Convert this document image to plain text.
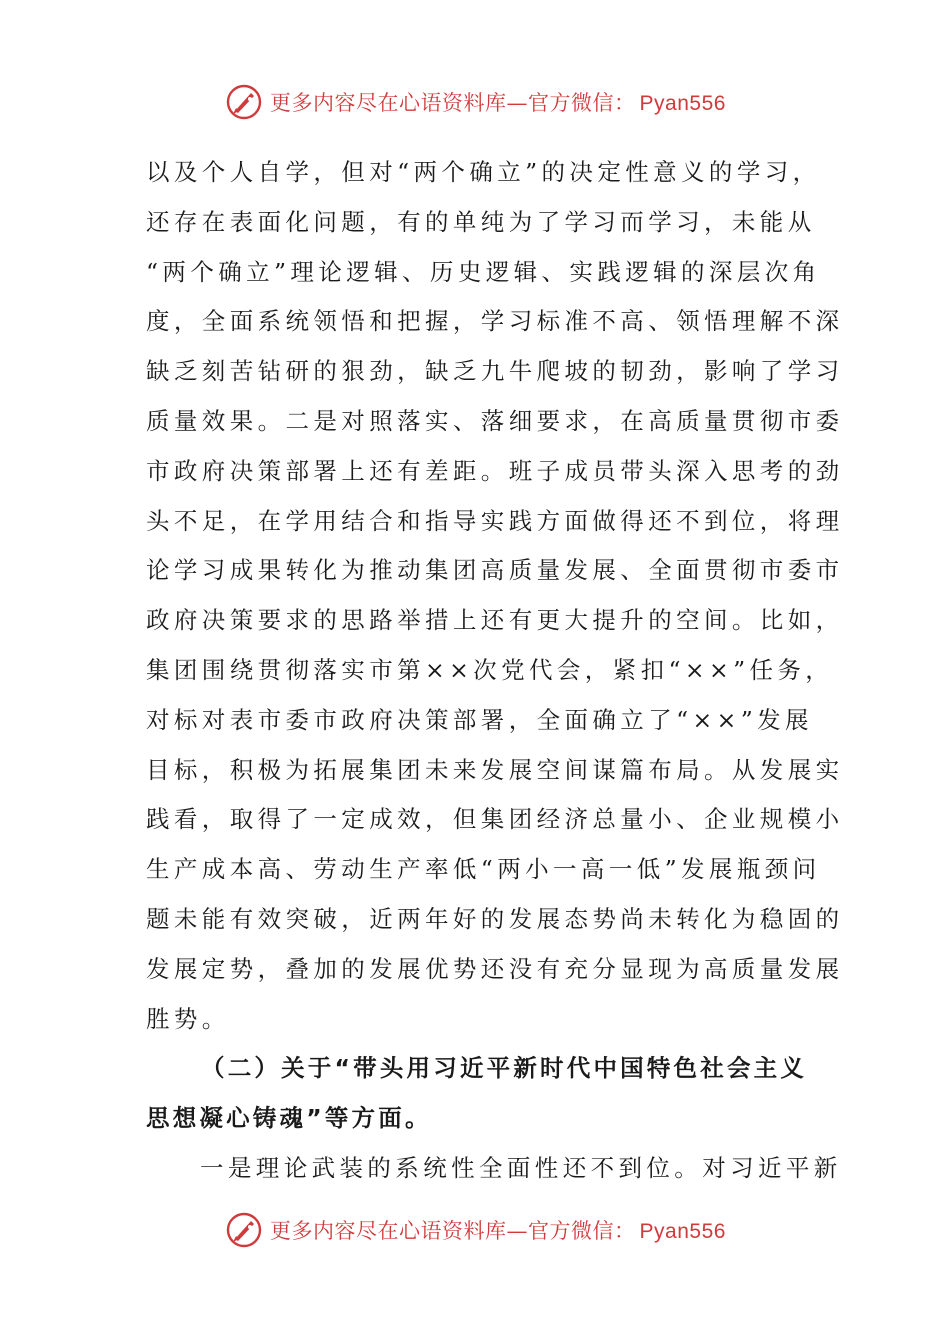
更多内容尽在心语资料库—官方微信： Pyan556
以及个人自学，但对“两个确立”的决定性意义的学习，
还存在表面化问题，有的单纯为了学习而学习，未能从
“两个确立”理论逻辑、历史逻辑、实践逻辑的深层次角
度，全面系统领悟和把握，学习标准不高、领悟理解不深
缺乏刻苦钻研的狠劲，缺乏九牛爬坡的韧劲，影响了学习
质量效果。二是对照落实、落细要求，在高质量贯彻市委
市政府决策部署上还有差距。班子成员带头深入思考的劲
头不足，在学用结合和指导实践方面做得还不到位，将理
论学习成果转化为推动集团高质量发展、全面贯彻市委市
政府决策要求的思路举措上还有更大提升的空间。比如，
集团围绕贯彻落实市第××次党代会，紧扣“××”任务，
对标对表市委市政府决策部署，全面确立了“××”发展
目标，积极为拓展集团未来发展空间谋篇布局。从发展实
践看，取得了一定成效，但集团经济总量小、企业规模小
生产成本高、劳动生产率低“两小一高一低”发展瓶颈问
题未能有效突破，近两年好的发展态势尚未转化为稳固的
发展定势，叠加的发展优势还没有充分显现为高质量发展
胜势。
（二）关于“带头用习近平新时代中国特色社会主义
思想凝心铸魂”等方面。
一是理论武装的系统性全面性还不到位。对习近平新
更多内容尽在心语资料库—官方微信： Pyan556
